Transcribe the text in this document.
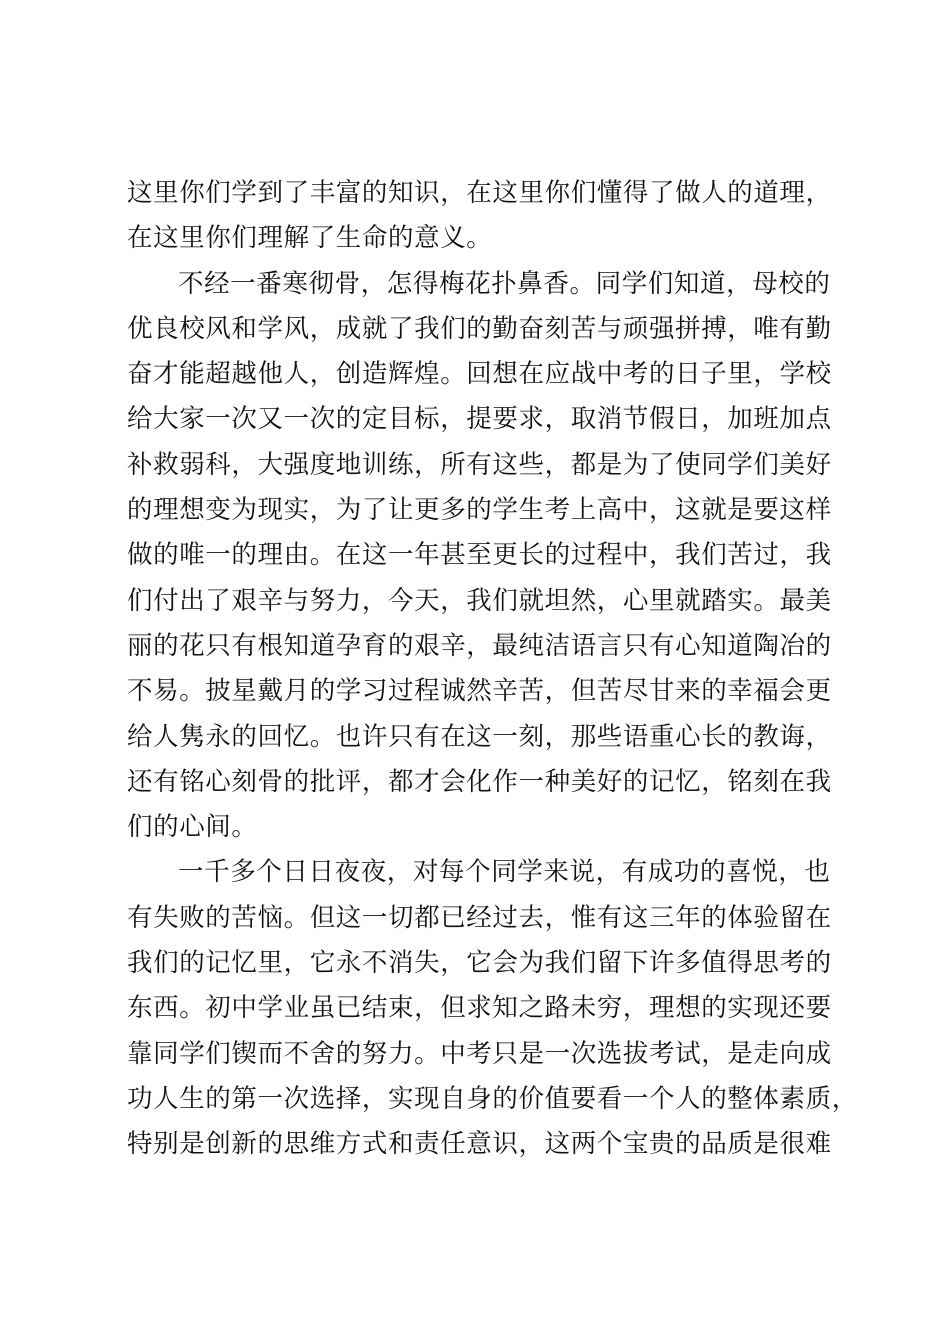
这里你们学到了丰富的知识，在这里你们懂得了做人的道理，
在这里你们理解了生命的意义。
不经一番寒彻骨，怎得梅花扑鼻香。同学们知道，母校的
优良校风和学风，成就了我们的勤奋刻苦与顽强拼搏，唯有勤
奋才能超越他人，创造辉煌。回想在应战中考的日子里，学校
给大家一次又一次的定目标，提要求，取消节假日，加班加点
补救弱科，大强度地训练，所有这些，都是为了使同学们美好
的理想变为现实，为了让更多的学生考上高中，这就是要这样
做的唯一的理由。在这一年甚至更长的过程中，我们苦过，我
们付出了艰辛与努力，今天，我们就坦然，心里就踏实。最美
丽的花只有根知道孕育的艰辛，最纯洁语言只有心知道陶冶的
不易。披星戴月的学习过程诚然辛苦，但苦尽甘来的幸福会更
给人隽永的回忆。也许只有在这一刻，那些语重心长的教诲，
还有铭心刻骨的批评，都才会化作一种美好的记忆，铭刻在我
们的心间。
一千多个日日夜夜，对每个同学来说，有成功的喜悦，也
有失败的苦恼。但这一切都已经过去，惟有这三年的体验留在
我们的记忆里，它永不消失，它会为我们留下许多值得思考的
东西。初中学业虽已结束，但求知之路未穷，理想的实现还要
靠同学们锲而不舍的努力。中考只是一次选拔考试，是走向成
功人生的第一次选择，实现自身的价值要看一个人的整体素质，
特别是创新的思维方式和责任意识，这两个宝贵的品质是很难
